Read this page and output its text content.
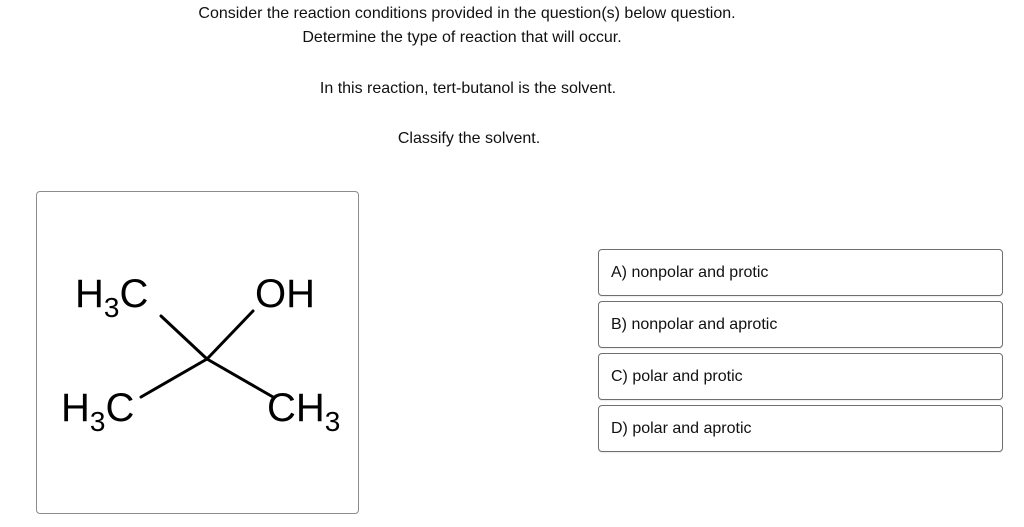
Consider the reaction conditions provided in the question(s) below question.
Determine the type of reaction that will occur.
In this reaction, tert-butanol is the solvent.
Classify the solvent.
$H_3C$	OH
$H_3C$	$CH_3$
A) nonpolar and protic
B) nonpolar and aprotic
C) polar and protic
D) polar and aprotic
